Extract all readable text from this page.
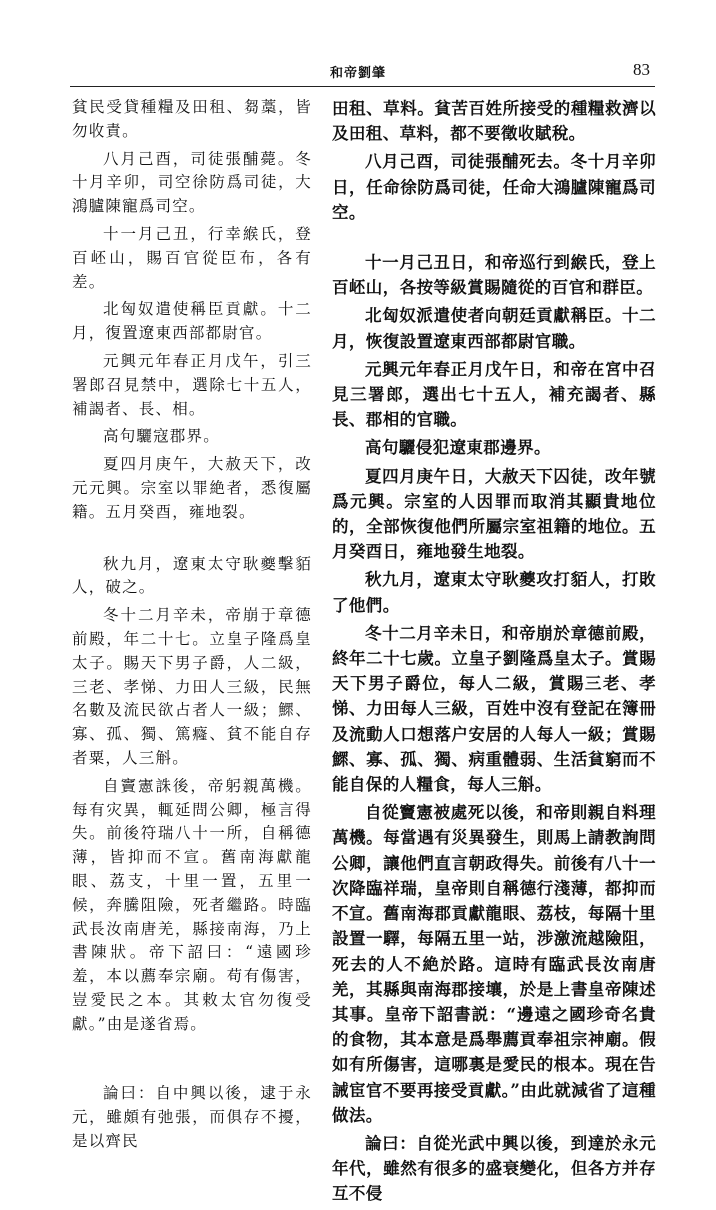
和帝劉肇	83

貧民受貸種糧及田租、芻藁，皆勿收責。

八月己酉，司徒張酺薨。冬十月辛卯，司空徐防爲司徒，大鴻臚陳寵爲司空。

十一月己丑，行幸緱氏，登百岯山，賜百官從臣布，各有差。

北匈奴遣使稱臣貢獻。十二月，復置遼東西部都尉官。

元興元年春正月戊午，引三署郎召見禁中，選除七十五人，補謁者、長、相。

高句驪寇郡界。

夏四月庚午，大赦天下，改元元興。宗室以罪絶者，悉復屬籍。五月癸酉，雍地裂。

秋九月，遼東太守耿夔擊貊人，破之。

冬十二月辛未，帝崩于章德前殿，年二十七。立皇子隆爲皇太子。賜天下男子爵，人二級，三老、孝悌、力田人三級，民無名數及流民欲占者人一級；鰥、寡、孤、獨、篤癃、貧不能自存者粟，人三斛。

自竇憲誅後，帝躬親萬機。每有灾異，輒延問公卿，極言得失。前後符瑞八十一所，自稱德薄，皆抑而不宣。舊南海獻龍眼、荔支，十里一置，五里一候，奔騰阻險，死者繼路。時臨武長汝南唐羌，縣接南海，乃上書陳狀。帝下詔曰：“遠國珍羞，本以薦奉宗廟。苟有傷害，豈愛民之本。其敕太官勿復受獻。”由是遂省焉。

論曰：自中興以後，逮于永元，雖頗有弛張，而俱存不擾，是以齊民

田租、草料。貧苦百姓所接受的種糧救濟以及田租、草料，都不要徵收賦稅。

八月己酉，司徒張酺死去。冬十月辛卯日，任命徐防爲司徒，任命大鴻臚陳寵爲司空。

十一月己丑日，和帝巡行到緱氏，登上百岯山，各按等級賞賜隨從的百官和群臣。

北匈奴派遣使者向朝廷貢獻稱臣。十二月，恢復設置遼東西部都尉官職。

元興元年春正月戊午日，和帝在宮中召見三署郎，選出七十五人，補充謁者、縣長、郡相的官職。

高句驪侵犯遼東郡邊界。

夏四月庚午日，大赦天下囚徒，改年號爲元興。宗室的人因罪而取消其顯貴地位的，全部恢復他們所屬宗室祖籍的地位。五月癸酉日，雍地發生地裂。

秋九月，遼東太守耿夔攻打貊人，打敗了他們。

冬十二月辛未日，和帝崩於章德前殿，終年二十七歲。立皇子劉隆爲皇太子。賞賜天下男子爵位，每人二級，賞賜三老、孝悌、力田每人三級，百姓中沒有登記在簿冊及流動人口想落户安居的人每人一級；賞賜鰥、寡、孤、獨、病重體弱、生活貧窮而不能自保的人糧食，每人三斛。

自從竇憲被處死以後，和帝則親自料理萬機。每當遇有災異發生，則馬上請教詢問公卿，讓他們直言朝政得失。前後有八十一次降臨祥瑞，皇帝則自稱德行淺薄，都抑而不宣。舊南海郡貢獻龍眼、荔枝，每隔十里設置一驛，每隔五里一站，涉激流越險阻，死去的人不絶於路。這時有臨武長汝南唐羌，其縣與南海郡接壤，於是上書皇帝陳述其事。皇帝下詔書説：“邊遠之國珍奇名貴的食物，其本意是爲舉薦貢奉祖宗神廟。假如有所傷害，這哪裏是愛民的根本。現在告誡宦官不要再接受貢獻。”由此就減省了這種做法。

論曰：自從光武中興以後，到達於永元年代，雖然有很多的盛衰變化，但各方并存互不侵
